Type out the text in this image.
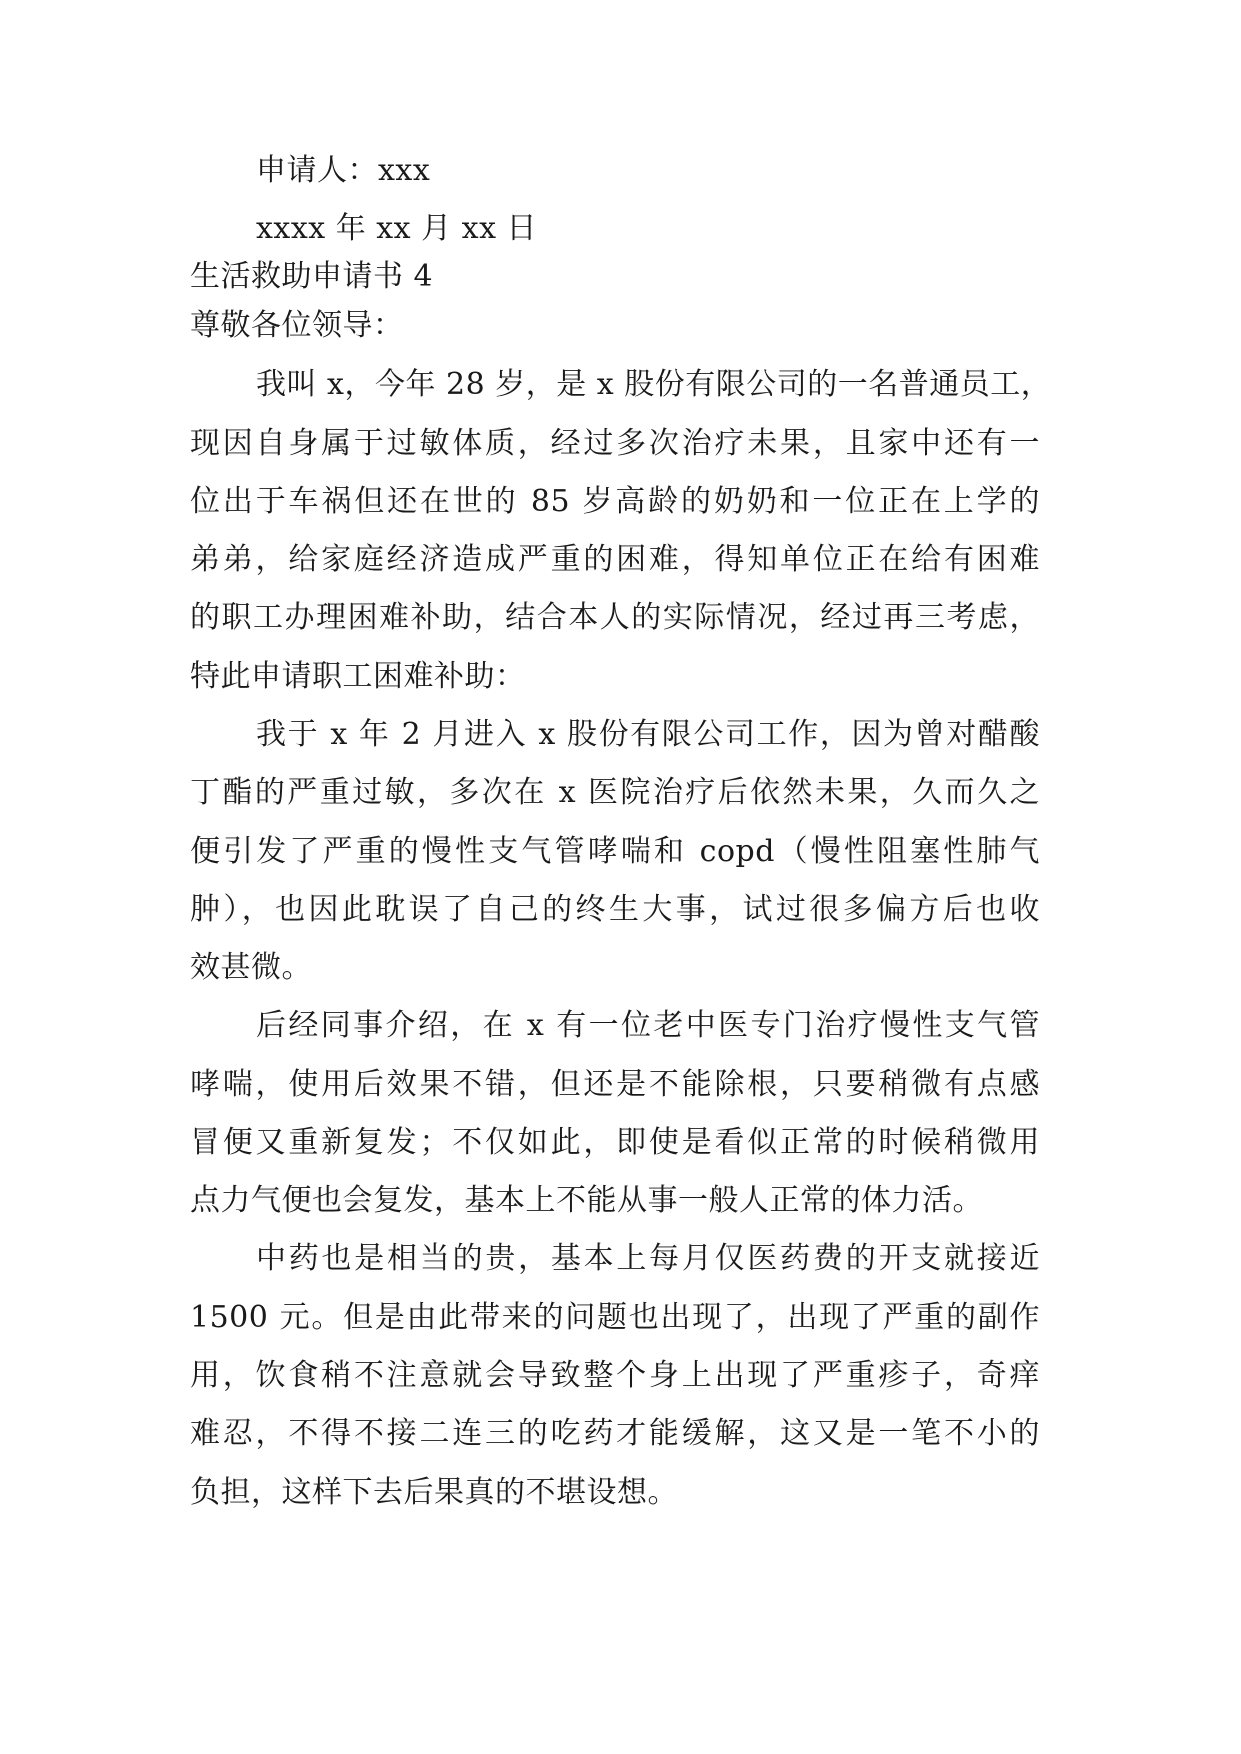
申请人：xxx
xxxx 年 xx 月 xx 日
生活救助申请书 4
尊敬各位领导：
我叫 x，今年 28 岁，是 x 股份有限公司的一名普通员工，
现因自身属于过敏体质，经过多次治疗未果，且家中还有一
位出于车祸但还在世的 85 岁高龄的奶奶和一位正在上学的
弟弟，给家庭经济造成严重的困难，得知单位正在给有困难
的职工办理困难补助，结合本人的实际情况，经过再三考虑，
特此申请职工困难补助：
我于 x 年 2 月进入 x 股份有限公司工作，因为曾对醋酸
丁酯的严重过敏，多次在 x 医院治疗后依然未果，久而久之
便引发了严重的慢性支气管哮喘和 copd（慢性阻塞性肺气
肿），也因此耽误了自己的终生大事，试过很多偏方后也收
效甚微。
后经同事介绍，在 x 有一位老中医专门治疗慢性支气管
哮喘，使用后效果不错，但还是不能除根，只要稍微有点感
冒便又重新复发；不仅如此，即使是看似正常的时候稍微用
点力气便也会复发，基本上不能从事一般人正常的体力活。
中药也是相当的贵，基本上每月仅医药费的开支就接近
1500 元。但是由此带来的问题也出现了，出现了严重的副作
用，饮食稍不注意就会导致整个身上出现了严重疹子，奇痒
难忍，不得不接二连三的吃药才能缓解，这又是一笔不小的
负担，这样下去后果真的不堪设想。
